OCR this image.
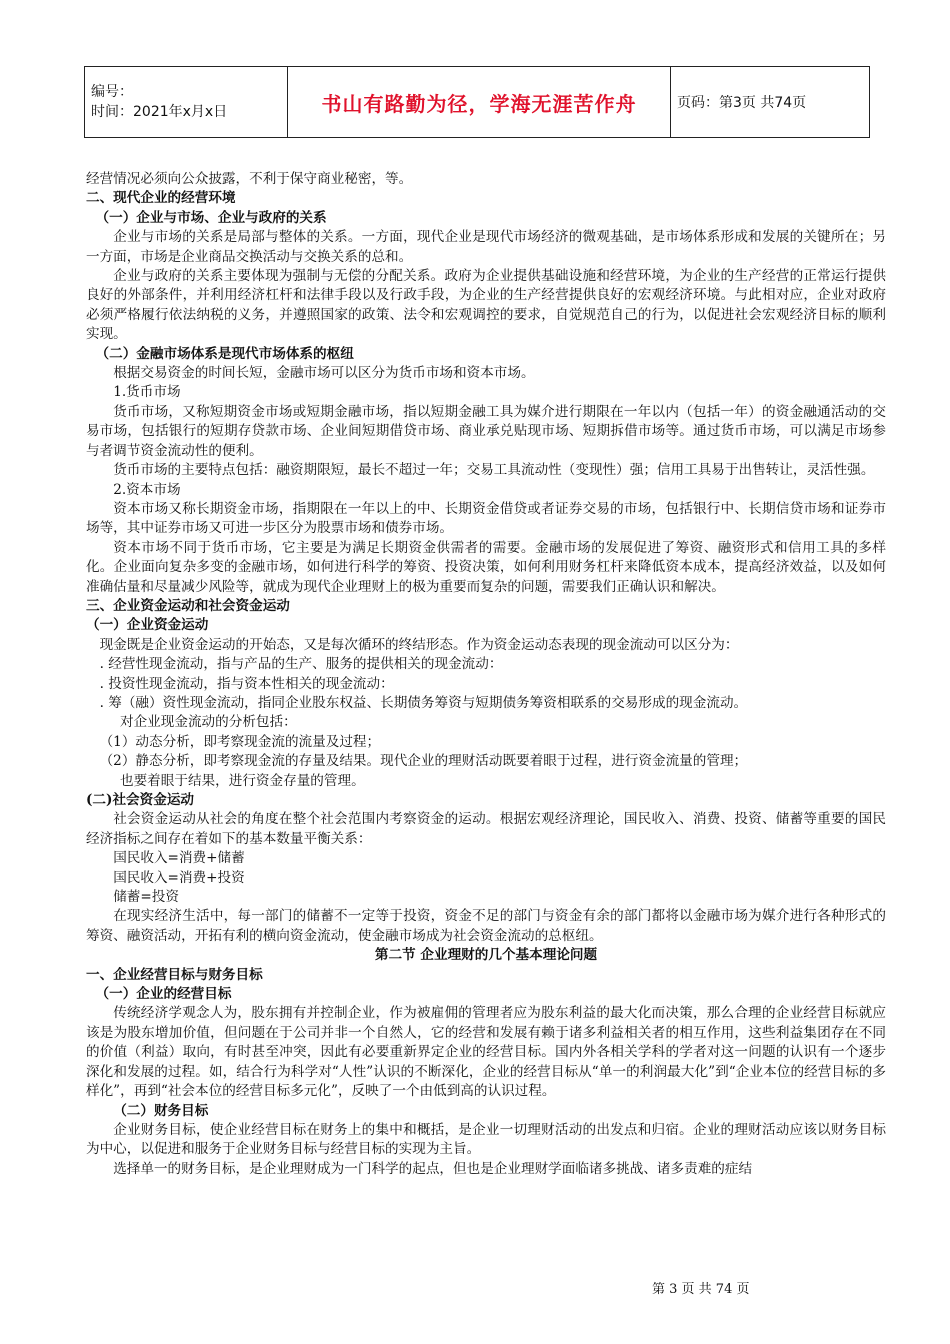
编号：
时间：2021年x月x日	书山有路勤为径，学海无涯苦作舟	页码：第3页 共74页

经营情况必须向公众披露，不利于保守商业秘密，等。

二、现代企业的经营环境

（一）企业与市场、企业与政府的关系

企业与市场的关系是局部与整体的关系。一方面，现代企业是现代市场经济的微观基础，是市场体系形成和发展的关键所在；另一方面，市场是企业商品交换活动与交换关系的总和。

企业与政府的关系主要体现为强制与无偿的分配关系。政府为企业提供基础设施和经营环境，为企业的生产经营的正常运行提供良好的外部条件，并利用经济杠杆和法律手段以及行政手段，为企业的生产经营提供良好的宏观经济环境。与此相对应，企业对政府必须严格履行依法纳税的义务，并遵照国家的政策、法令和宏观调控的要求，自觉规范自己的行为，以促进社会宏观经济目标的顺利实现。

（二）金融市场体系是现代市场体系的枢纽

根据交易资金的时间长短，金融市场可以区分为货币市场和资本市场。

1.货币市场

货币市场，又称短期资金市场或短期金融市场，指以短期金融工具为媒介进行期限在一年以内（包括一年）的资金融通活动的交易市场，包括银行的短期存贷款市场、企业间短期借贷市场、商业承兑贴现市场、短期拆借市场等。通过货币市场，可以满足市场参与者调节资金流动性的便利。

货币市场的主要特点包括：融资期限短，最长不超过一年；交易工具流动性（变现性）强；信用工具易于出售转让，灵活性强。

2.资本市场

资本市场又称长期资金市场，指期限在一年以上的中、长期资金借贷或者证券交易的市场，包括银行中、长期信贷市场和证券市场等，其中证券市场又可进一步区分为股票市场和债券市场。

资本市场不同于货币市场，它主要是为满足长期资金供需者的需要。金融市场的发展促进了筹资、融资形式和信用工具的多样化。企业面向复杂多变的金融市场，如何进行科学的筹资、投资决策，如何利用财务杠杆来降低资本成本，提高经济效益，以及如何准确估量和尽量减少风险等，就成为现代企业理财上的极为重要而复杂的问题，需要我们正确认识和解决。

三、企业资金运动和社会资金运动

（一）企业资金运动

现金既是企业资金运动的开始态，又是每次循环的终结形态。作为资金运动态表现的现金流动可以区分为：

. 经营性现金流动，指与产品的生产、服务的提供相关的现金流动：

. 投资性现金流动，指与资本性相关的现金流动：

. 筹（融）资性现金流动，指同企业股东权益、长期债务筹资与短期债务筹资相联系的交易形成的现金流动。

对企业现金流动的分析包括：

（1）动态分析，即考察现金流的流量及过程；

（2）静态分析，即考察现金流的存量及结果。现代企业的理财活动既要着眼于过程，进行资金流量的管理；

也要着眼于结果，进行资金存量的管理。

(二)社会资金运动

社会资金运动从社会的角度在整个社会范围内考察资金的运动。根据宏观经济理论，国民收入、消费、投资、储蓄等重要的国民经济指标之间存在着如下的基本数量平衡关系：

国民收入=消费+储蓄

国民收入=消费+投资

储蓄=投资

在现实经济生活中，每一部门的储蓄不一定等于投资，资金不足的部门与资金有余的部门都将以金融市场为媒介进行各种形式的筹资、融资活动，开拓有利的横向资金流动，使金融市场成为社会资金流动的总枢纽。

第二节 企业理财的几个基本理论问题

一、企业经营目标与财务目标

（一）企业的经营目标

传统经济学观念人为，股东拥有并控制企业，作为被雇佣的管理者应为股东利益的最大化而决策，那么合理的企业经营目标就应该是为股东增加价值，但问题在于公司并非一个自然人，它的经营和发展有赖于诸多利益相关者的相互作用，这些利益集团存在不同的价值（利益）取向，有时甚至冲突，因此有必要重新界定企业的经营目标。国内外各相关学科的学者对这一问题的认识有一个逐步深化和发展的过程。如，结合行为科学对“人性”认识的不断深化，企业的经营目标从“单一的利润最大化”到“企业本位的经营目标的多样化”，再到“社会本位的经营目标多元化”，反映了一个由低到高的认识过程。

（二）财务目标

企业财务目标，使企业经营目标在财务上的集中和概括，是企业一切理财活动的出发点和归宿。企业的理财活动应该以财务目标为中心，以促进和服务于企业财务目标与经营目标的实现为主旨。

选择单一的财务目标，是企业理财成为一门科学的起点，但也是企业理财学面临诸多挑战、诸多责难的症结

第 3 页 共 74 页
